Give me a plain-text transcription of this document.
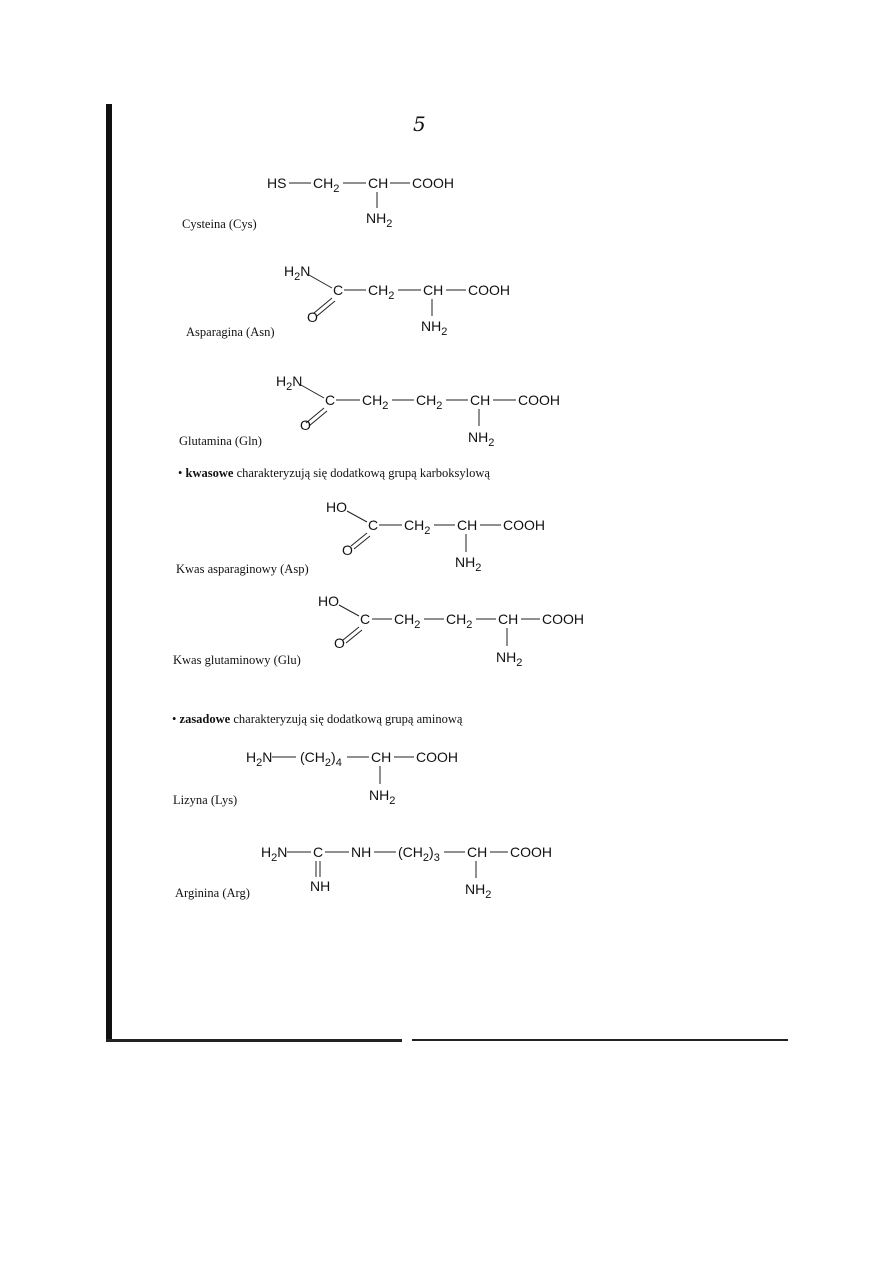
5
HS $CH_2$ CH COOH
$NH_2$
Cysteina (Cys)
$H_2N$
C
O
$CH_2$ CH COOH
$NH_2$
Asparagina (Asn)
$H_2N$
C
O
$CH_2$ $CH_2$ CH COOH
$NH_2$
Glutamina (Gln)
• kwasowe charakteryzują się dodatkową grupą karboksylową
HO
C
O
$CH_2$ CH COOH
$NH_2$
Kwas asparaginowy (Asp)
HO
C
O
$CH_2$ $CH_2$ CH COOH
$NH_2$
Kwas glutaminowy (Glu)
• zasadowe charakteryzują się dodatkową grupą aminową
$H_2N$ $(CH_2)_4$ CH COOH
$NH_2$
Lizyna (Lys)
$H_2N$ C
NH
NH $(CH_2)_3$ CH COOH
$NH_2$
Arginina (Arg)
